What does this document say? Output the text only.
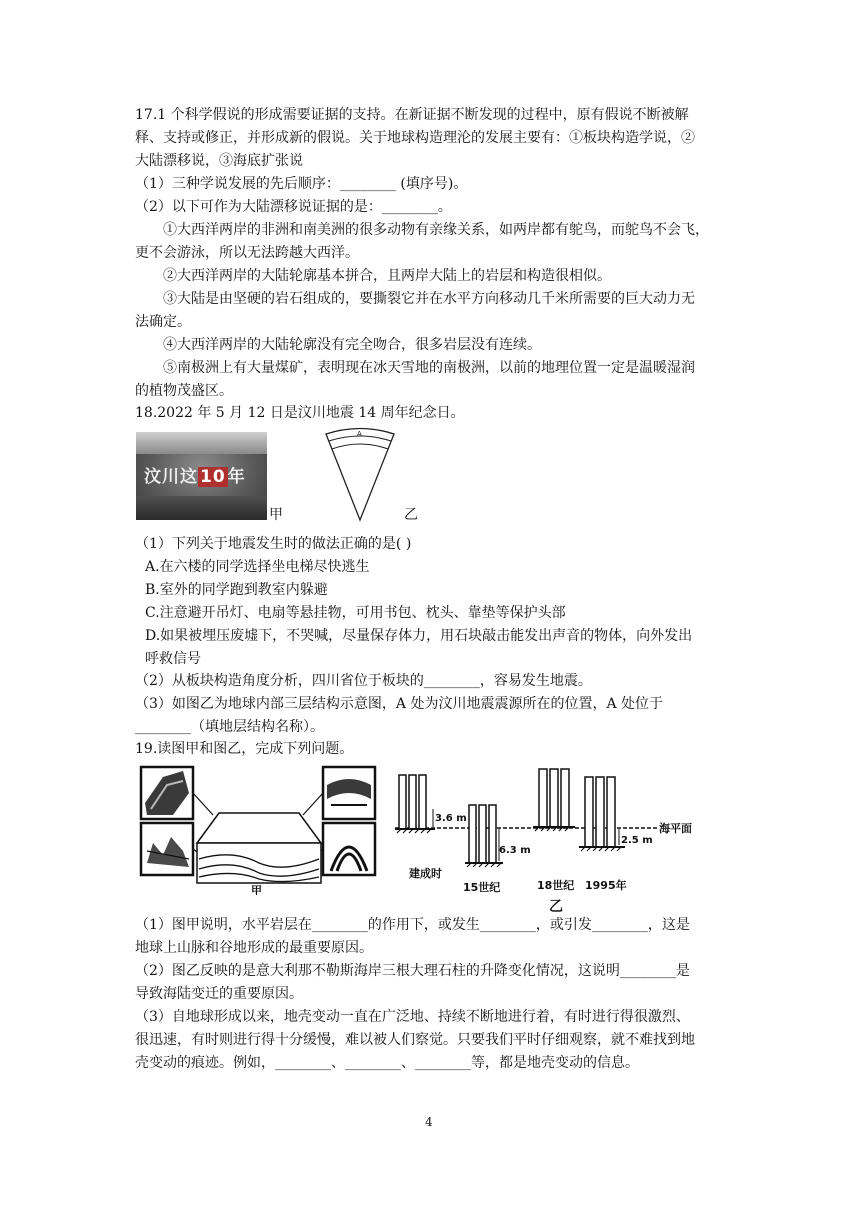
17.1 个科学假说的形成需要证据的支持。在新证据不断发现的过程中，原有假说不断被解
释、支持或修正，并形成新的假说。关于地球构造理沦的发展主要有：①板块构造学说，②
大陆漂移说，③海底扩张说
（1）三种学说发展的先后顺序：________ (填序号)。
（2）以下可作为大陆漂移说证据的是：________。
①大西洋两岸的非洲和南美洲的很多动物有亲缘关系，如两岸都有鸵鸟，而鸵鸟不会飞，
更不会游泳，所以无法跨越大西洋。
②大西洋两岸的大陆轮廓基本拼合，且两岸大陆上的岩层和构造很相似。
③大陆是由坚硬的岩石组成的，要撕裂它并在水平方向移动几千米所需要的巨大动力无
法确定。
④大西洋两岸的大陆轮廓没有完全吻合，很多岩层没有连续。
⑤南极洲上有大量煤矿，表明现在冰天雪地的南极洲，以前的地理位置一定是温暖湿润
的植物茂盛区。
18.2022 年 5 月 12 日是汶川地震 14 周年纪念日。
汶川这 10 年
甲
A
乙
（1）下列关于地震发生时的做法正确的是( )
A.在六楼的同学选择坐电梯尽快逃生
B.室外的同学跑到教室内躲避
C.注意避开吊灯、电扇等悬挂物，可用书包、枕头、靠垫等保护头部
D.如果被埋压废墟下，不哭喊，尽量保存体力，用石块敲击能发出声音的物体，向外发出
呼救信号
（2）从板块构造角度分析，四川省位于板块的________，容易发生地震。
（3）如图乙为地球内部三层结构示意图，A 处为汶川地震震源所在的位置，A 处位于
________（填地层结构名称）。
19.读图甲和图乙，完成下列问题。
甲
海平面
建成时
3.6 m
15世纪
6.3 m
18世纪 1995年
2.5 m
乙
（1）图甲说明，水平岩层在________的作用下，或发生________，或引发________，这是
地球上山脉和谷地形成的最重要原因。
（2）图乙反映的是意大利那不勒斯海岸三根大理石柱的升降变化情况，这说明________是
导致海陆变迁的重要原因。
（3）自地球形成以来，地壳变动一直在广泛地、持续不断地进行着，有时进行得很激烈、
很迅速，有时则进行得十分缓慢，难以被人们察觉。只要我们平时仔细观察，就不难找到地
壳变动的痕迹。例如，________、________、________等，都是地壳变动的信息。
4
